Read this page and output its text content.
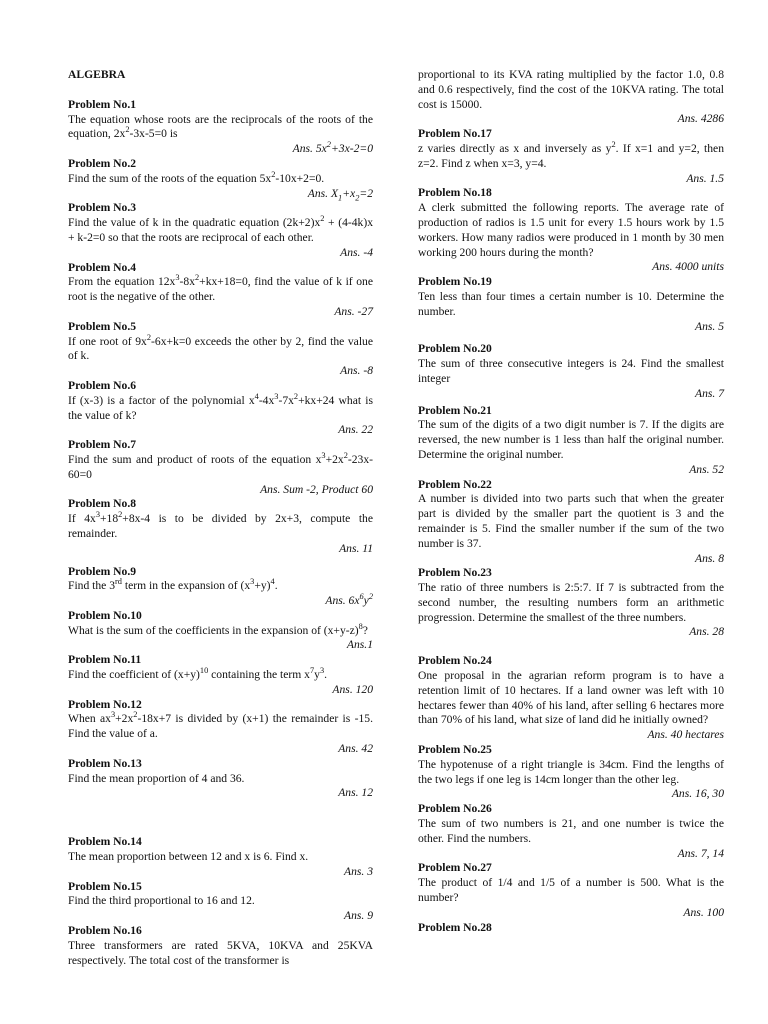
ALGEBRA

Problem No.1

The equation whose roots are the reciprocals of the roots of the equation, $2x^2-3x-5=0$ is

Ans. $5x^2+3x-2=0$

Problem No.2

Find the sum of the roots of the equation $5x^2-10x+2=0$.

Ans. $X_1+x_2=2$

Problem No.3

Find the value of k in the quadratic equation $(2k+2)x^2 + (4-4k)x + k-2=0$ so that the roots are reciprocal of each other.

Ans. -4

Problem No.4

From the equation $12x^3-8x^2+kx+18=0$, find the value of k if one root is the negative of the other.

Ans. -27

Problem No.5

If one root of $9x^2-6x+k=0$ exceeds the other by 2, find the value of k.

Ans. -8

Problem No.6

If (x-3) is a factor of the polynomial $x^4-4x^3-7x^2+kx+24$ what is the value of k?

Ans. 22

Problem No.7

Find the sum and product of roots of the equation $x^3+2x^2-23x-60=0$

Ans. Sum -2, Product 60

Problem No.8

If $4x^3+18^2+8x-4$ is to be divided by 2x+3, compute the remainder.

Ans. 11

Problem No.9

Find the 3rd term in the expansion of $(x^3+y)^4$.

Ans. $6x^6y^2$

Problem No.10

What is the sum of the coefficients in the expansion of $(x+y-z)^8$?

Ans.1

Problem No.11

Find the coefficient of $(x+y)^{10}$ containing the term $x^7y^3$.

Ans. 120

Problem No.12

When $ax^3+2x^2-18x+7$ is divided by (x+1) the remainder is -15. Find the value of a.

Ans. 42

Problem No.13

Find the mean proportion of 4 and 36.

Ans. 12

Problem No.14

The mean proportion between 12 and x is 6. Find x.

Ans. 3

Problem No.15

Find the third proportional to 16 and 12.

Ans. 9

Problem No.16

Three transformers are rated 5KVA, 10KVA and 25KVA respectively. The total cost of the transformer is

proportional to its KVA rating multiplied by the factor 1.0, 0.8 and 0.6 respectively, find the cost of the 10KVA rating. The total cost is 15000.

Ans. 4286

Problem No.17

z varies directly as x and inversely as $y^2$. If x=1 and y=2, then z=2. Find z when x=3, y=4.

Ans. 1.5

Problem No.18

A clerk submitted the following reports. The average rate of production of radios is 1.5 unit for every 1.5 hours work by 1.5 workers. How many radios were produced in 1 month by 30 men working 200 hours during the month?

Ans. 4000 units

Problem No.19

Ten less than four times a certain number is 10. Determine the number.

Ans. 5

Problem No.20

The sum of three consecutive integers is 24. Find the smallest integer

Ans. 7

Problem No.21

The sum of the digits of a two digit number is 7. If the digits are reversed, the new number is 1 less than half the original number. Determine the original number.

Ans. 52

Problem No.22

A number is divided into two parts such that when the greater part is divided by the smaller part the quotient is 3 and the remainder is 5. Find the smaller number if the sum of the two number is 37.

Ans. 8

Problem No.23

The ratio of three numbers is 2:5:7. If 7 is subtracted from the second number, the resulting numbers form an arithmetic progression. Determine the smallest of the three numbers.

Ans. 28

Problem No.24

One proposal in the agrarian reform program is to have a retention limit of 10 hectares. If a land owner was left with 10 hectares fewer than 40% of his land, after selling 6 hectares more than 70% of his land, what size of land did he initially owned?

Ans. 40 hectares

Problem No.25

The hypotenuse of a right triangle is 34cm. Find the lengths of the two legs if one leg is 14cm longer than the other leg.

Ans. 16, 30

Problem No.26

The sum of two numbers is 21, and one number is twice the other. Find the numbers.

Ans. 7, 14

Problem No.27

The product of 1/4 and 1/5 of a number is 500. What is the number?

Ans. 100

Problem No.28
